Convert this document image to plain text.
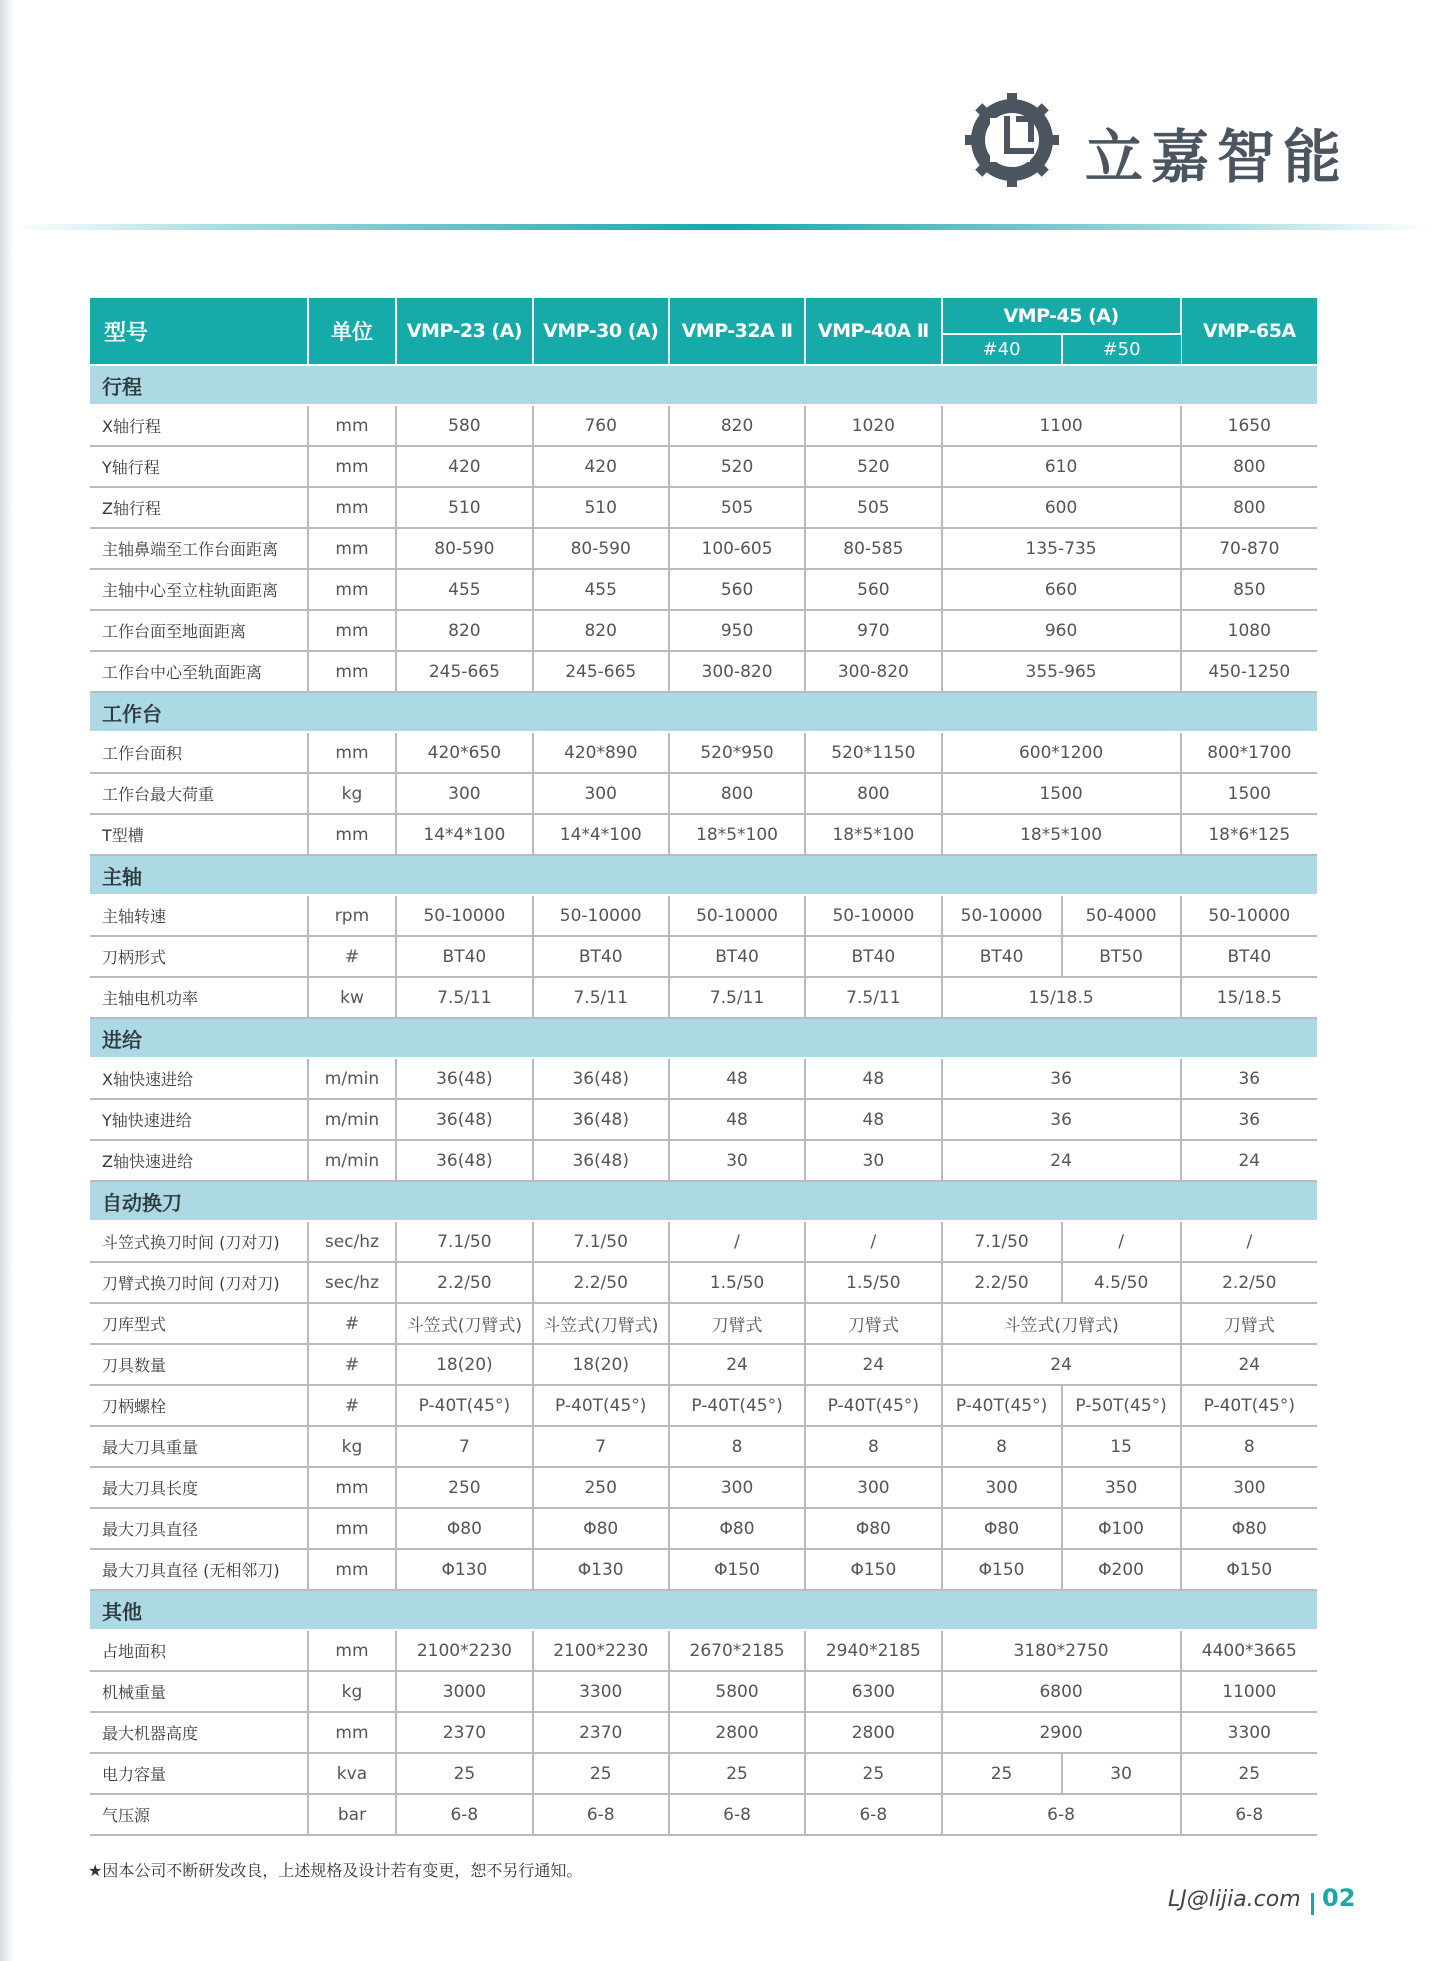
立嘉智能
型号	单位	VMP-23 (A)	VMP-30 (A)	VMP-32A Ⅱ	VMP-40A Ⅱ	VMP-45 (A)		VMP-65A
						#40	#50	
行程								
X轴行程	mm	580	760	820	1020	1100		1650
Y轴行程	mm	420	420	520	520	610		800
Z轴行程	mm	510	510	505	505	600		800
主轴鼻端至工作台面距离	mm	80-590	80-590	100-605	80-585	135-735		70-870
主轴中心至立柱轨面距离	mm	455	455	560	560	660		850
工作台面至地面距离	mm	820	820	950	970	960		1080
工作台中心至轨面距离	mm	245-665	245-665	300-820	300-820	355-965		450-1250
工作台								
工作台面积	mm	420*650	420*890	520*950	520*1150	600*1200		800*1700
工作台最大荷重	kg	300	300	800	800	1500		1500
T型槽	mm	14*4*100	14*4*100	18*5*100	18*5*100	18*5*100		18*6*125
主轴								
主轴转速	rpm	50-10000	50-10000	50-10000	50-10000	50-10000	50-4000	50-10000
刀柄形式	#	BT40	BT40	BT40	BT40	BT40	BT50	BT40
主轴电机功率	kw	7.5/11	7.5/11	7.5/11	7.5/11	15/18.5		15/18.5
进给								
X轴快速进给	m/min	36(48)	36(48)	48	48	36		36
Y轴快速进给	m/min	36(48)	36(48)	48	48	36		36
Z轴快速进给	m/min	36(48)	36(48)	30	30	24		24
自动换刀								
斗笠式换刀时间 (刀对刀)	sec/hz	7.1/50	7.1/50	/	/	7.1/50	/	/
刀臂式换刀时间 (刀对刀)	sec/hz	2.2/50	2.2/50	1.5/50	1.5/50	2.2/50	4.5/50	2.2/50
刀库型式	#	斗笠式(刀臂式)	斗笠式(刀臂式)	刀臂式	刀臂式	斗笠式(刀臂式)		刀臂式
刀具数量	#	18(20)	18(20)	24	24	24		24
刀柄螺栓	#	P-40T(45°)	P-40T(45°)	P-40T(45°)	P-40T(45°)	P-40T(45°)	P-50T(45°)	P-40T(45°)
最大刀具重量	kg	7	7	8	8	8	15	8
最大刀具长度	mm	250	250	300	300	300	350	300
最大刀具直径	mm	Φ80	Φ80	Φ80	Φ80	Φ80	Φ100	Φ80
最大刀具直径 (无相邻刀)	mm	Φ130	Φ130	Φ150	Φ150	Φ150	Φ200	Φ150
其他								
占地面积	mm	2100*2230	2100*2230	2670*2185	2940*2185	3180*2750		4400*3665
机械重量	kg	3000	3300	5800	6300	6800		11000
最大机器高度	mm	2370	2370	2800	2800	2900		3300
电力容量	kva	25	25	25	25	25	30	25
气压源	bar	6-8	6-8	6-8	6-8	6-8		6-8
★因本公司不断研发改良，上述规格及设计若有变更，恕不另行通知。
LJ@lijia.com 02
